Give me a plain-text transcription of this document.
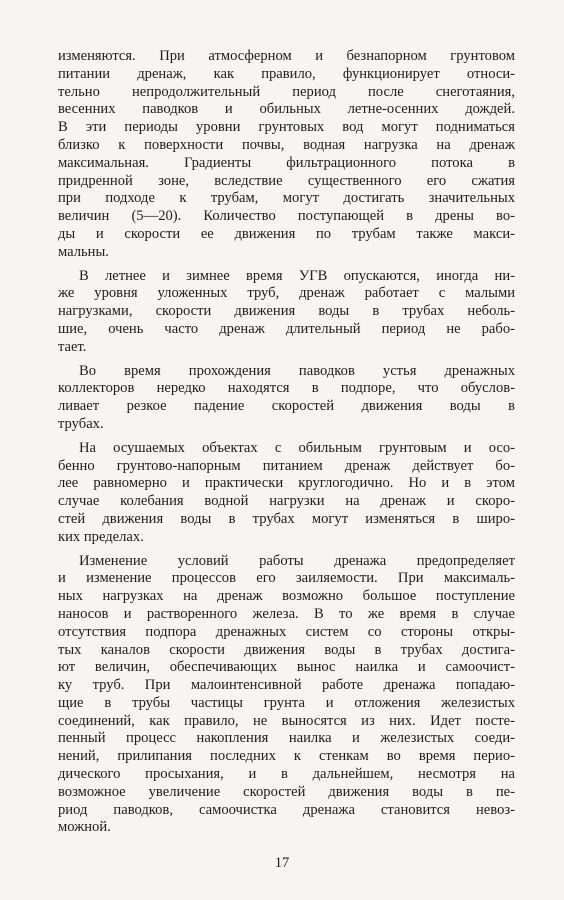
изменяются. При атмосферном и безнапорном грунтовом
питании дренаж, как правило, функционирует относи-
тельно непродолжительный период после снеготаяния,
весенних паводков и обильных летне-осенних дождей.
В эти периоды уровни грунтовых вод могут подниматься
близко к поверхности почвы, водная нагрузка на дренаж
максимальная. Градиенты фильтрационного потока в
придренной зоне, вследствие существенного его сжатия
при подходе к трубам, могут достигать значительных
величин (5—20). Количество поступающей в дрены во-
ды и скорости ее движения по трубам также макси-
мальны.

В летнее и зимнее время УГВ опускаются, иногда ни-
же уровня уложенных труб, дренаж работает с малыми
нагрузками, скорости движения воды в трубах неболь-
шие, очень часто дренаж длительный период не рабо-
тает.

Во время прохождения паводков устья дренажных
коллекторов нередко находятся в подпоре, что обуслов-
ливает резкое падение скоростей движения воды в
трубах.

На осушаемых объектах с обильным грунтовым и осо-
бенно грунтово-напорным питанием дренаж действует бо-
лее равномерно и практически круглогодично. Но и в этом
случае колебания водной нагрузки на дренаж и скоро-
стей движения воды в трубах могут изменяться в широ-
ких пределах.

Изменение условий работы дренажа предопределяет
и изменение процессов его заиляемости. При максималь-
ных нагрузках на дренаж возможно большое поступление
наносов и растворенного железа. В то же время в случае
отсутствия подпора дренажных систем со стороны откры-
тых каналов скорости движения воды в трубах достига-
ют величин, обеспечивающих вынос наилка и самоочист-
ку труб. При малоинтенсивной работе дренажа попадаю-
щие в трубы частицы грунта и отложения железистых
соединений, как правило, не выносятся из них. Идет посте-
пенный процесс накопления наилка и железистых соеди-
нений, прилипания последних к стенкам во время перио-
дического просыхания, и в дальнейшем, несмотря на
возможное увеличение скоростей движения воды в пе-
риод паводков, самоочистка дренажа становится невоз-
можной.

17
